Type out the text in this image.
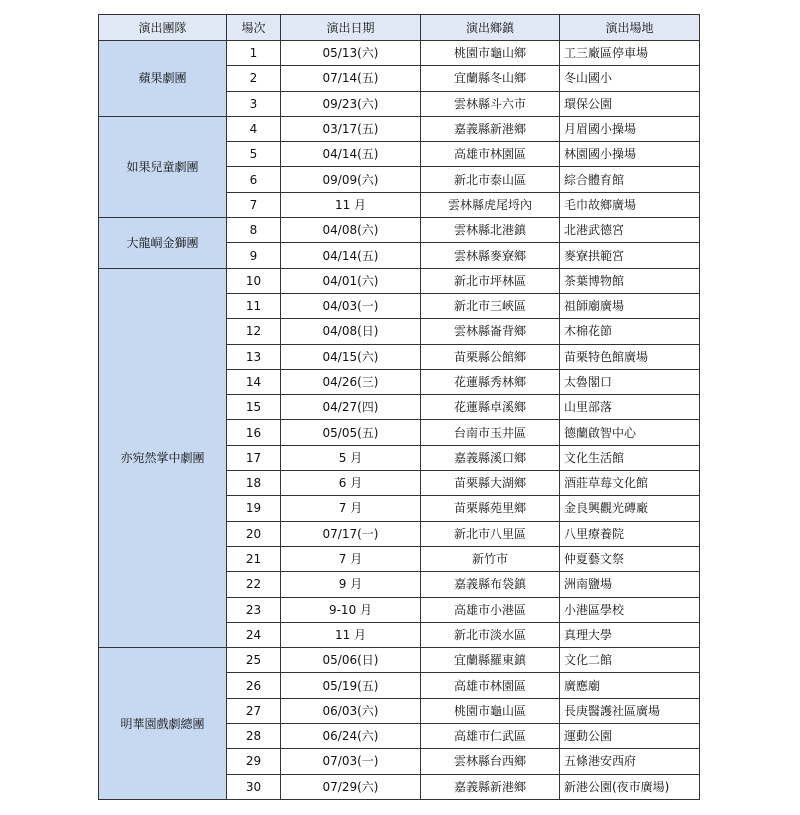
演出團隊	場次	演出日期	演出鄉鎮	演出場地
蘋果劇團	1	05/13(六)	桃園市龜山鄉	工三廠區停車場
	2	07/14(五)	宜蘭縣冬山鄉	冬山國小
	3	09/23(六)	雲林縣斗六市	環保公園
如果兒童劇團	4	03/17(五)	嘉義縣新港鄉	月眉國小操場
	5	04/14(五)	高雄市林園區	林園國小操場
	6	09/09(六)	新北市泰山區	綜合體育館
	7	11 月	雲林縣虎尾埒內	毛巾故鄉廣場
大龍峒金獅團	8	04/08(六)	雲林縣北港鎮	北港武德宮
	9	04/14(五)	雲林縣麥寮鄉	麥寮拱範宮
亦宛然掌中劇團	10	04/01(六)	新北市坪林區	茶葉博物館
	11	04/03(一)	新北市三峽區	祖師廟廣場
	12	04/08(日)	雲林縣崙背鄉	木棉花節
	13	04/15(六)	苗栗縣公館鄉	苗栗特色館廣場
	14	04/26(三)	花蓮縣秀林鄉	太魯閣口
	15	04/27(四)	花蓮縣卓溪鄉	山里部落
	16	05/05(五)	台南市玉井區	德蘭啟智中心
	17	5 月	嘉義縣溪口鄉	文化生活館
	18	6 月	苗栗縣大湖鄉	酒莊草莓文化館
	19	7 月	苗栗縣苑里鄉	金良興觀光磚廠
	20	07/17(一)	新北市八里區	八里療養院
	21	7 月	新竹市	仲夏藝文祭
	22	9 月	嘉義縣布袋鎮	洲南鹽場
	23	9-10 月	高雄市小港區	小港區學校
	24	11 月	新北市淡水區	真理大學
明華園戲劇總團	25	05/06(日)	宜蘭縣羅東鎮	文化二館
	26	05/19(五)	高雄市林園區	廣應廟
	27	06/03(六)	桃園市龜山區	長庚醫護社區廣場
	28	06/24(六)	高雄市仁武區	運動公園
	29	07/03(一)	雲林縣台西鄉	五條港安西府
	30	07/29(六)	嘉義縣新港鄉	新港公園(夜市廣場)
